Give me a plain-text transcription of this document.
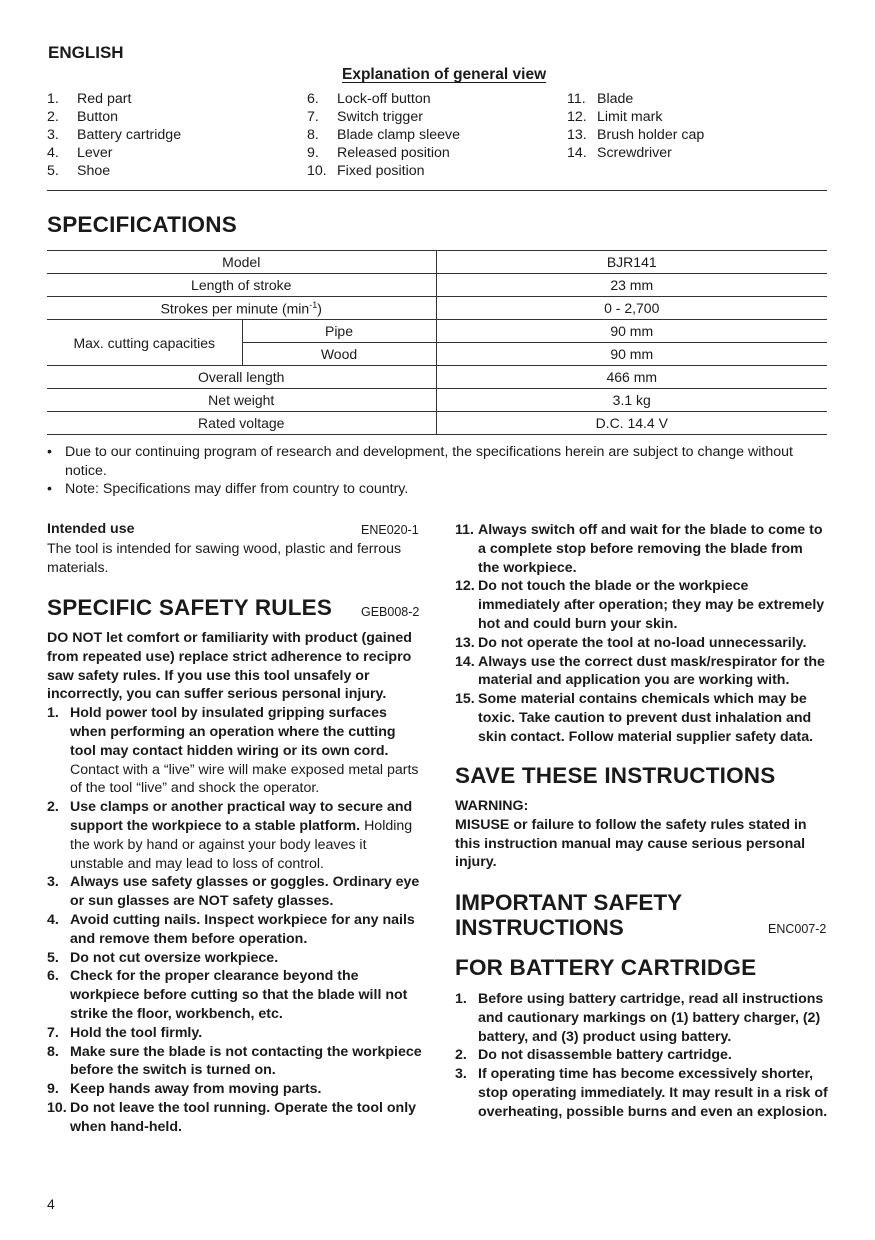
ENGLISH
Explanation of general view
1.	Red part
2.	Button
3.	Battery cartridge
4.	Lever
5.	Shoe
6.	Lock-off button
7.	Switch trigger
8.	Blade clamp sleeve
9.	Released position
10. Fixed position
11. Blade
12. Limit mark
13. Brush holder cap
14. Screwdriver
SPECIFICATIONS
Model		BJR141
Length of stroke		23 mm
Strokes per minute $(\min^{-1})$		0 - 2,700
Max. cutting capacities	Pipe	90 mm
	Wood	90 mm
Overall length		466 mm
Net weight		3.1 kg
Rated voltage		D.C. 14.4 V
• Due to our continuing program of research and development, the specifications herein are subject to change without notice.
• Note: Specifications may differ from country to country.
Intended use	ENE020-1
The tool is intended for sawing wood, plastic and ferrous materials.
SPECIFIC SAFETY RULES GEB008-2
DO NOT let comfort or familiarity with product (gained from repeated use) replace strict adherence to recipro saw safety rules. If you use this tool unsafely or incorrectly, you can suffer serious personal injury.
1. Hold power tool by insulated gripping surfaces when performing an operation where the cutting tool may contact hidden wiring or its own cord. Contact with a “live” wire will make exposed metal parts of the tool “live” and shock the operator.
2. Use clamps or another practical way to secure and support the workpiece to a stable platform. Holding the work by hand or against your body leaves it unstable and may lead to loss of control.
3. Always use safety glasses or goggles. Ordinary eye or sun glasses are NOT safety glasses.
4. Avoid cutting nails. Inspect workpiece for any nails and remove them before operation.
5. Do not cut oversize workpiece.
6. Check for the proper clearance beyond the workpiece before cutting so that the blade will not strike the floor, workbench, etc.
7. Hold the tool firmly.
8. Make sure the blade is not contacting the workpiece before the switch is turned on.
9. Keep hands away from moving parts.
10. Do not leave the tool running. Operate the tool only when hand-held.
11. Always switch off and wait for the blade to come to a complete stop before removing the blade from the workpiece.
12. Do not touch the blade or the workpiece immediately after operation; they may be extremely hot and could burn your skin.
13. Do not operate the tool at no-load unnecessarily.
14. Always use the correct dust mask/respirator for the material and application you are working with.
15. Some material contains chemicals which may be toxic. Take caution to prevent dust inhalation and skin contact. Follow material supplier safety data.
SAVE THESE INSTRUCTIONS
WARNING:
MISUSE or failure to follow the safety rules stated in this instruction manual may cause serious personal injury.
IMPORTANT SAFETY
INSTRUCTIONS	ENC007-2
FOR BATTERY CARTRIDGE
1. Before using battery cartridge, read all instructions and cautionary markings on (1) battery charger, (2) battery, and (3) product using battery.
2. Do not disassemble battery cartridge.
3. If operating time has become excessively shorter, stop operating immediately. It may result in a risk of overheating, possible burns and even an explosion.
4
